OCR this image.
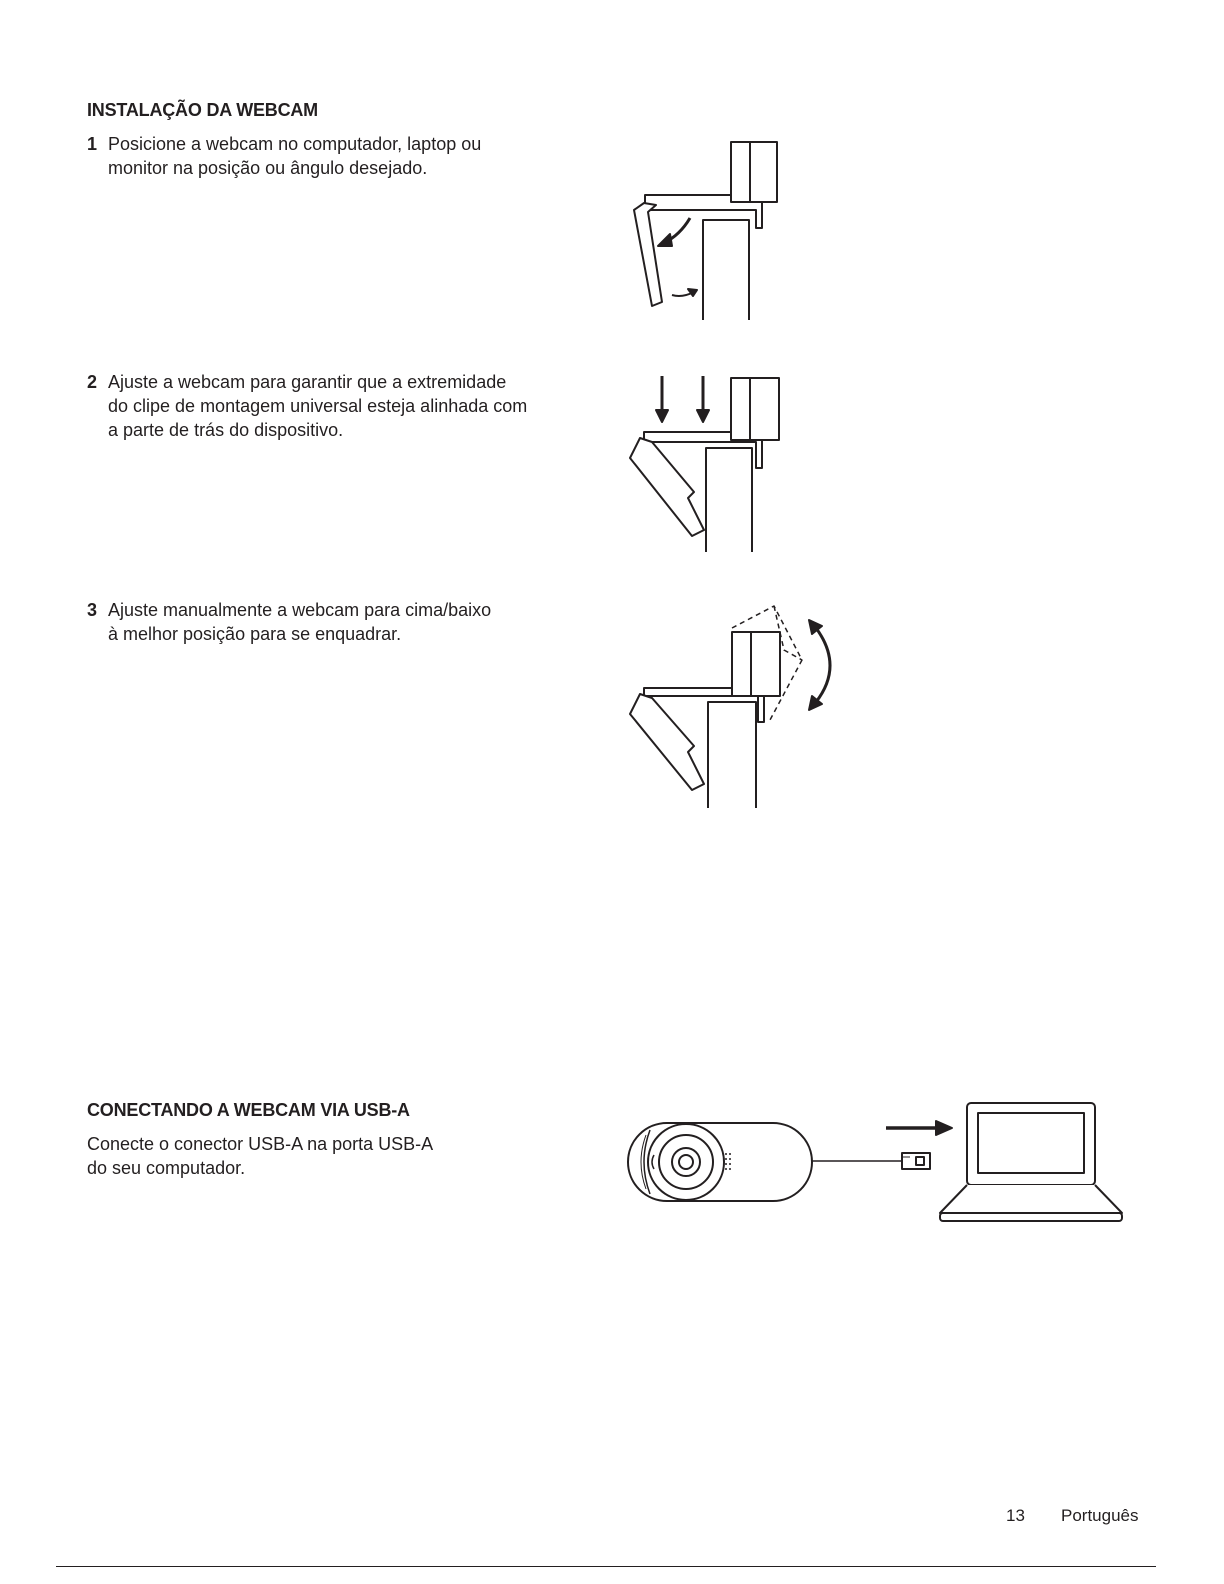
INSTALAÇÃO DA WEBCAM
1 Posicione a webcam no computador, laptop ou
monitor na posição ou ângulo desejado.
2 Ajuste a webcam para garantir que a extremidade
do clipe de montagem universal esteja alinhada com
a parte de trás do dispositivo.
3 Ajuste manualmente a webcam para cima/baixo
à melhor posição para se enquadrar.
CONECTANDO A WEBCAM VIA USB-A
Conecte o conector USB-A na porta USB-A
do seu computador.
13 Português
